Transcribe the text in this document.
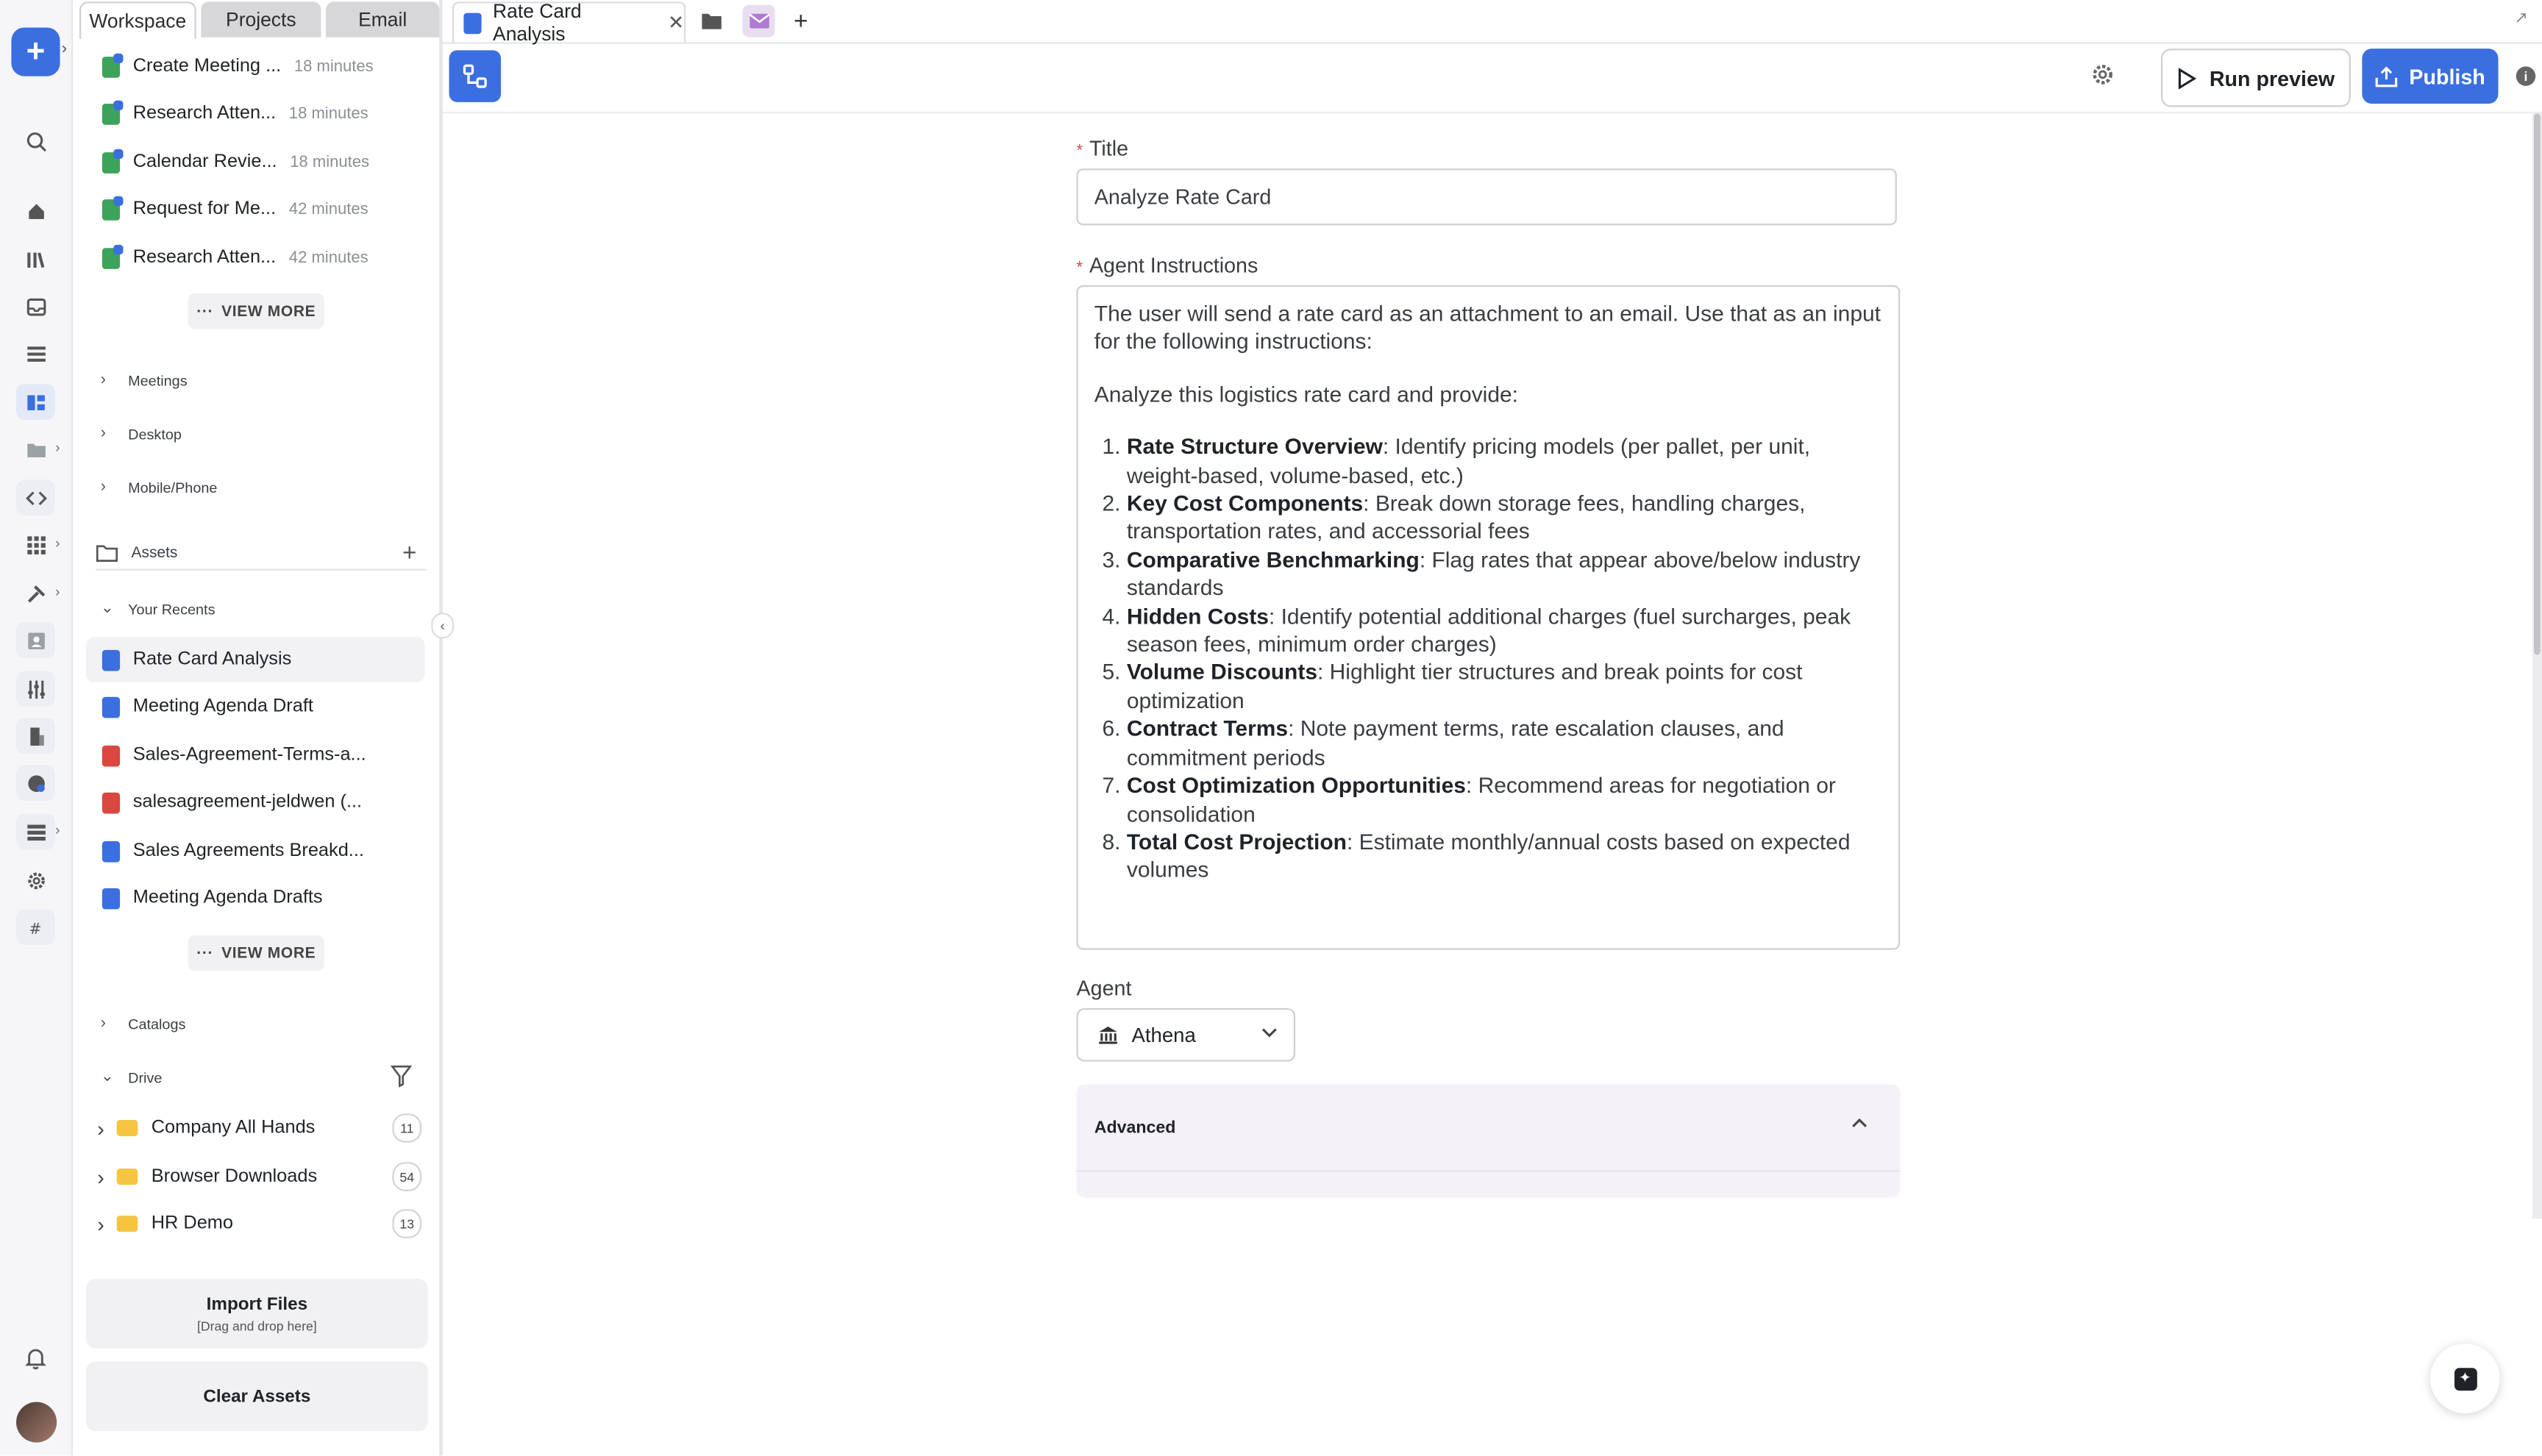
+	›
›
›
›
›
#
Workspace	Projects	Email
Create Meeting ... 18 minutes
Research Atten... 18 minutes
Calendar Revie... 18 minutes
Request for Me... 42 minutes
Research Atten... 42 minutes
··· VIEW MORE
›	Meetings
›	Desktop
›	Mobile/Phone
Assets	+
⌄	Your Recents
Rate Card Analysis
Meeting Agenda Draft
Sales-Agreement-Terms-a...
salesagreement-jeldwen (...
Sales Agreements Breakd...
Meeting Agenda Drafts
··· VIEW MORE
›	Catalogs
⌄	Drive
›	Company All Hands	11
›	Browser Downloads	54
›	HR Demo	13
Import Files
[Drag and drop here]
Clear Assets
‹
Rate Card Analysis	✕	+	↗
Run preview	Publish	i
* Title
Analyze Rate Card
* Agent Instructions

The user will send a rate card as an attachment to an email. Use that as an input for the following instructions:

Analyze this logistics rate card and provide:

1. Rate Structure Overview: Identify pricing models (per pallet, per unit, weight-based, volume-based, etc.)
2. Key Cost Components: Break down storage fees, handling charges, transportation rates, and accessorial fees
3. Comparative Benchmarking: Flag rates that appear above/below industry standards
4. Hidden Costs: Identify potential additional charges (fuel surcharges, peak season fees, minimum order charges)
5. Volume Discounts: Highlight tier structures and break points for cost optimization
6. Contract Terms: Note payment terms, rate escalation clauses, and commitment periods
7. Cost Optimization Opportunities: Recommend areas for negotiation or consolidation
8. Total Cost Projection: Estimate monthly/annual costs based on expected volumes
Agent
Athena
Advanced
✦
